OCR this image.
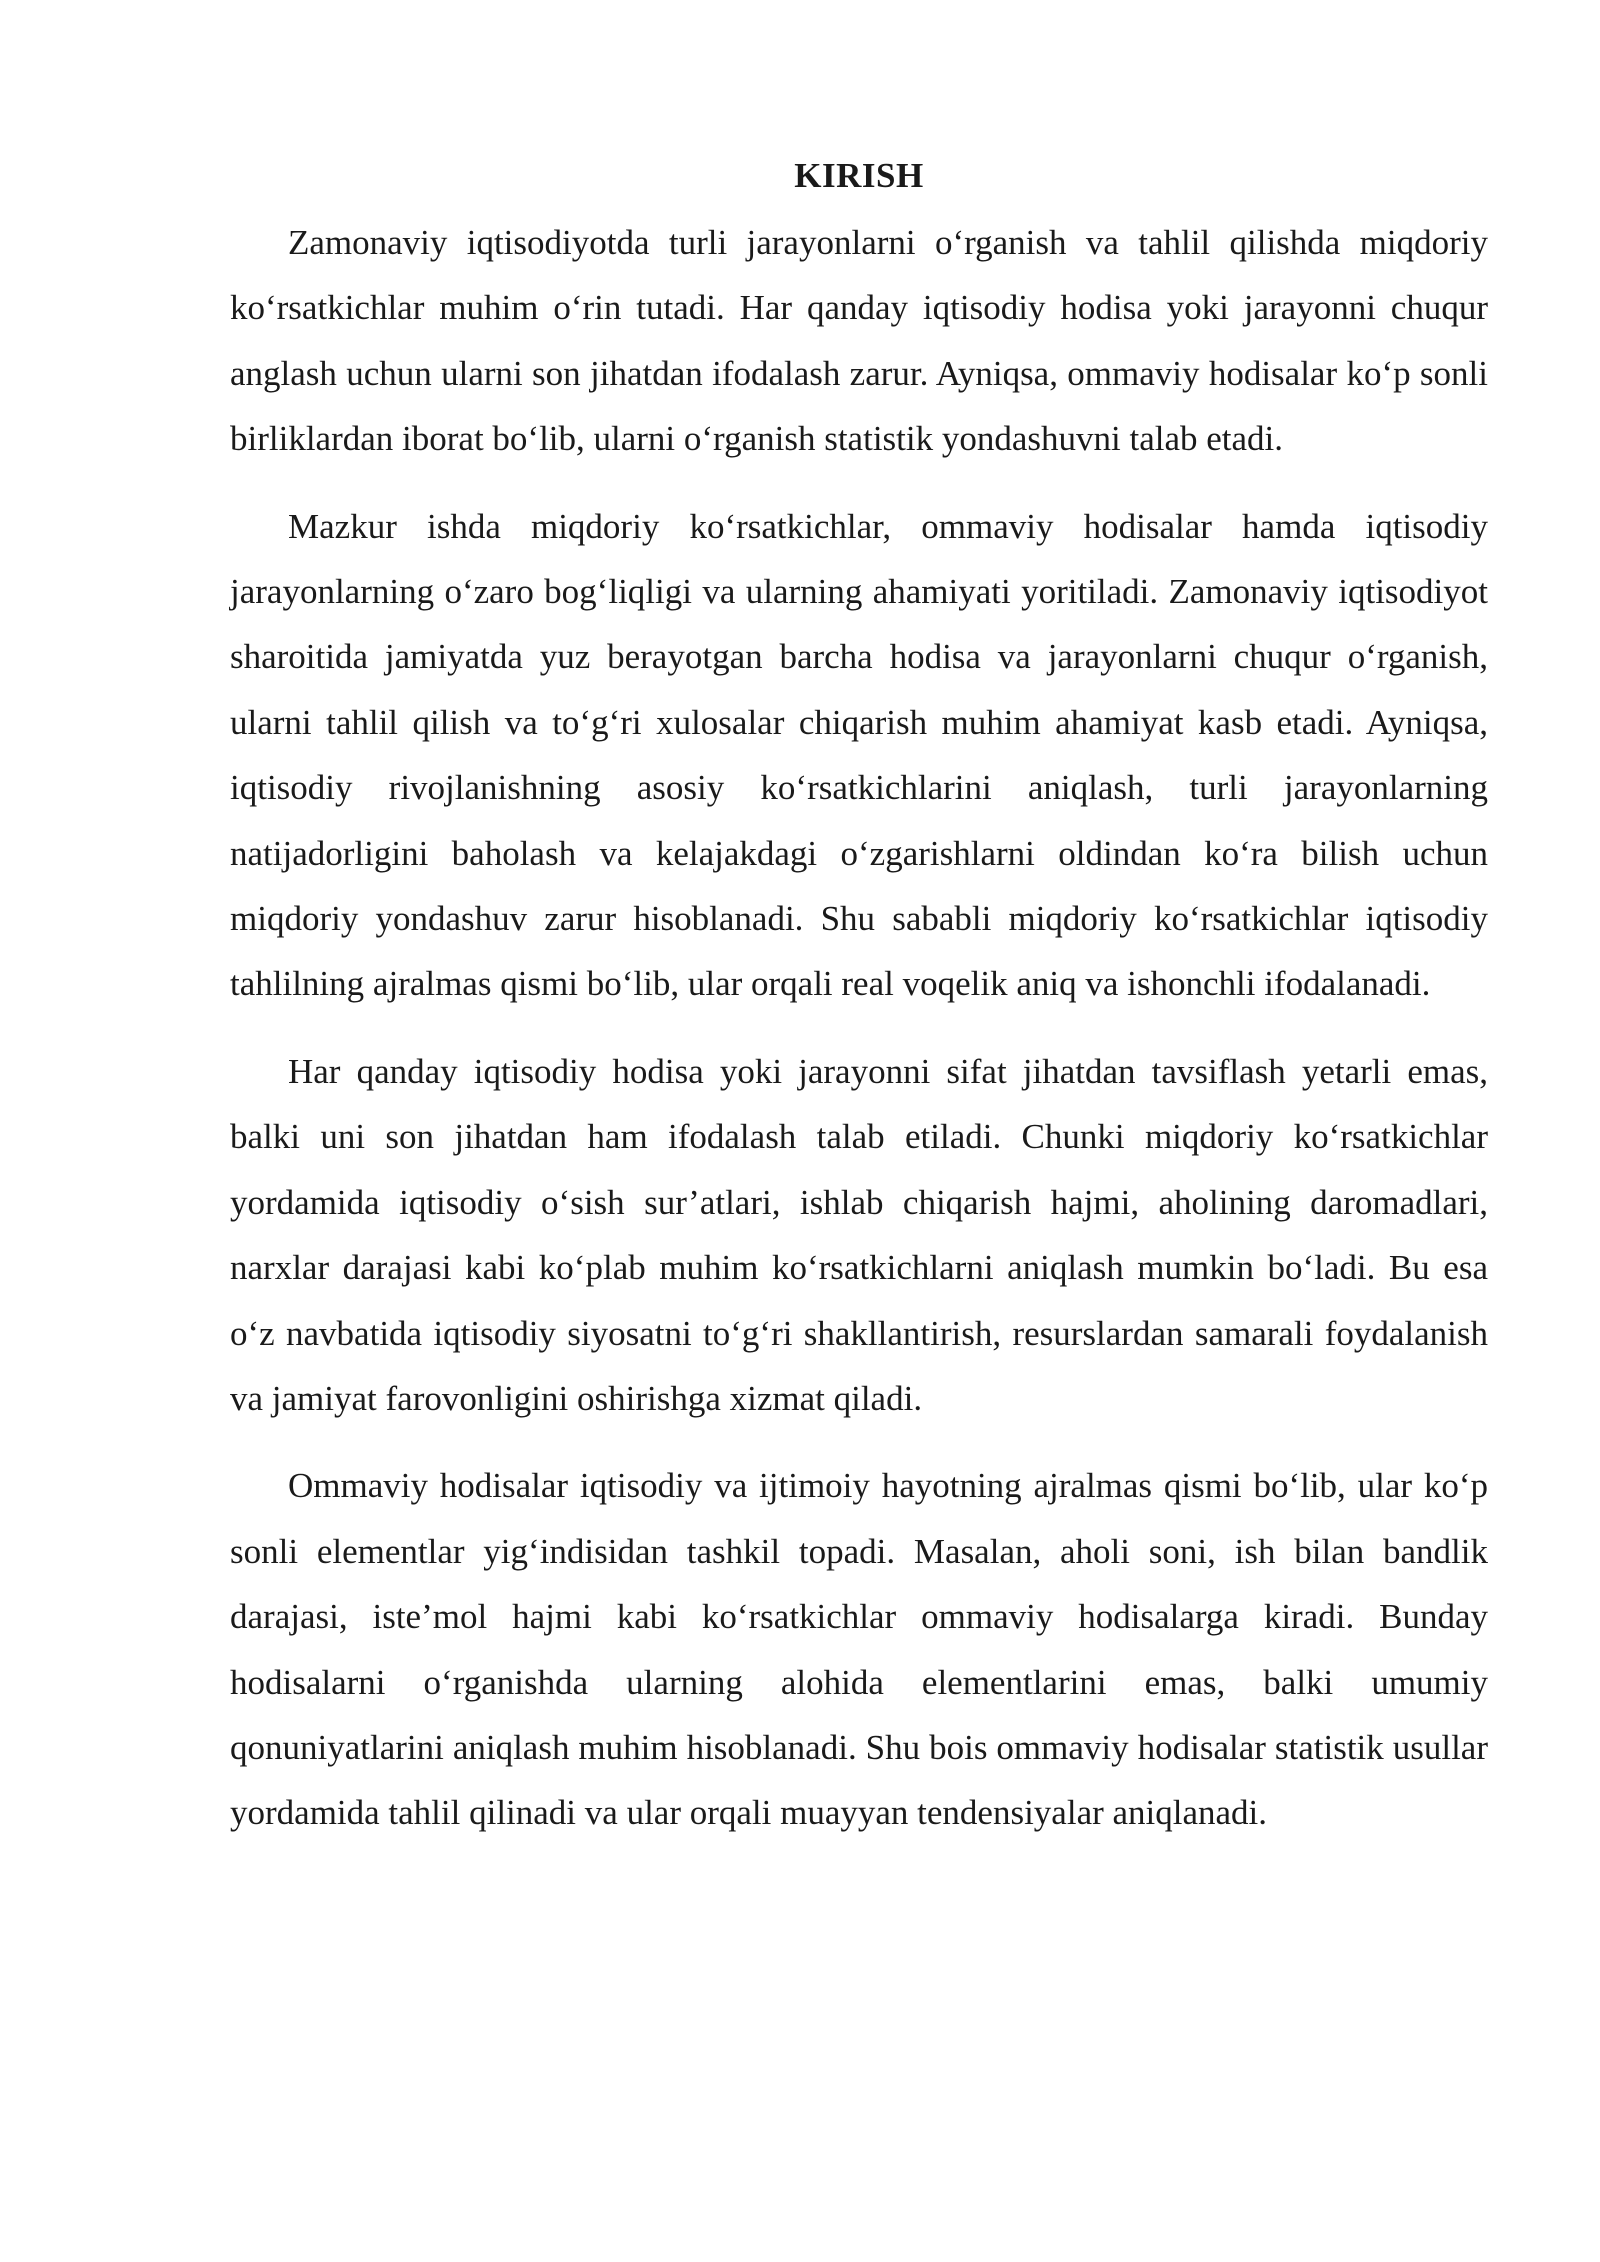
KIRISH

Zamonaviy iqtisodiyotda turli jarayonlarni o‘rganish va tahlil qilishda miqdoriy ko‘rsatkichlar muhim o‘rin tutadi. Har qanday iqtisodiy hodisa yoki jarayonni chuqur anglash uchun ularni son jihatdan ifodalash zarur. Ayniqsa, ommaviy hodisalar ko‘p sonli birliklardan iborat bo‘lib, ularni o‘rganish statistik yondashuvni talab etadi.

Mazkur ishda miqdoriy ko‘rsatkichlar, ommaviy hodisalar hamda iqtisodiy jarayonlarning o‘zaro bog‘liqligi va ularning ahamiyati yoritiladi. Zamonaviy iqtisodiyot sharoitida jamiyatda yuz berayotgan barcha hodisa va jarayonlarni chuqur o‘rganish, ularni tahlil qilish va to‘g‘ri xulosalar chiqarish muhim ahamiyat kasb etadi. Ayniqsa, iqtisodiy rivojlanishning asosiy ko‘rsatkichlarini aniqlash, turli jarayonlarning natijadorligini baholash va kelajakdagi o‘zgarishlarni oldindan ko‘ra bilish uchun miqdoriy yondashuv zarur hisoblanadi. Shu sababli miqdoriy ko‘rsatkichlar iqtisodiy tahlilning ajralmas qismi bo‘lib, ular orqali real voqelik aniq va ishonchli ifodalanadi.

Har qanday iqtisodiy hodisa yoki jarayonni sifat jihatdan tavsiflash yetarli emas, balki uni son jihatdan ham ifodalash talab etiladi. Chunki miqdoriy ko‘rsatkichlar yordamida iqtisodiy o‘sish sur’atlari, ishlab chiqarish hajmi, aholining daromadlari, narxlar darajasi kabi ko‘plab muhim ko‘rsatkichlarni aniqlash mumkin bo‘ladi. Bu esa o‘z navbatida iqtisodiy siyosatni to‘g‘ri shakllantirish, resurslardan samarali foydalanish va jamiyat farovonligini oshirishga xizmat qiladi.

Ommaviy hodisalar iqtisodiy va ijtimoiy hayotning ajralmas qismi bo‘lib, ular ko‘p sonli elementlar yig‘indisidan tashkil topadi. Masalan, aholi soni, ish bilan bandlik darajasi, iste’mol hajmi kabi ko‘rsatkichlar ommaviy hodisalarga kiradi. Bunday hodisalarni o‘rganishda ularning alohida elementlarini emas, balki umumiy qonuniyatlarini aniqlash muhim hisoblanadi. Shu bois ommaviy hodisalar statistik usullar yordamida tahlil qilinadi va ular orqali muayyan tendensiyalar aniqlanadi.
